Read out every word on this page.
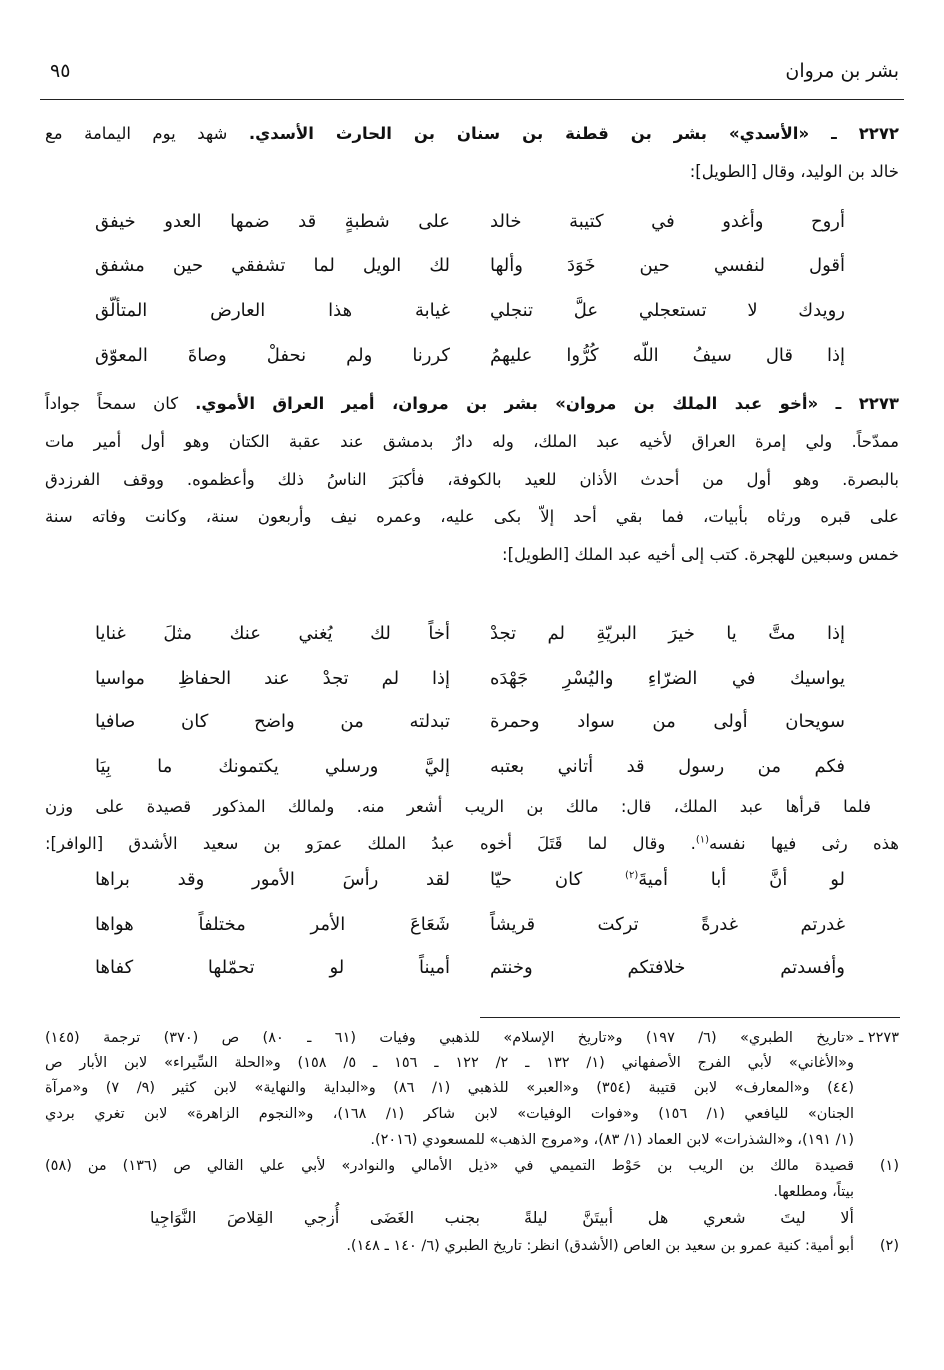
بشر بن مروان
٩٥
٢٢٧٢ ـ «الأسدي» بشر بن قطنة بن سنان بن الحارث الأسدي. شهد يوم اليمامة مع
خالد بن الوليد، وقال [الطويل]:
أروح وأغدو في كتيبة خالد
على شطبةٍ قد ضمها العدو خيفق
أقول لنفسي حين خَوَدَ وألها
لك الويل لما تشفقي حين مشفق
رويدك لا تستعجلي علَّ تنجلي
غيابة هذا العارض المتألّق
إذا قال سيفُ اللّه كُرُّوا عليهمُ
كررنا ولم نحفلْ وصاةَ المعوّق
٢٢٧٣ ـ «أخو عبد الملك بن مروان» بشر بن مروان، أمير العراق الأموي. كان سمحاً جواداً
ممدّحاً. ولي إمرة العراق لأخيه عبد الملك، وله دارٌ بدمشق عند عقبة الكتان وهو أول أمير مات
بالبصرة. وهو أول من أحدث الأذان للعيد بالكوفة، فأكبَرَ الناسُ ذلك وأعظموه. ووقف الفرزدق
على قبره ورثاه بأبيات، فما بقي أحد إلاّ بكى عليه، وعمره نيف وأربعون سنة، وكانت وفاته سنة
خمس وسبعين للهجرة. كتب إلى أخيه عبد الملك [الطويل]:
إذا متَّ يا خيرَ البريّةِ لم تجدْ
أخاً لك يُغني عنك مثلَ غنايا
يواسيك في الضرّاءِ واليُسْرِ جَهْدَه
إذا لم تجدْ عند الحفاظِ مواسيا
سويحان أولى من سواد وحمرة
تبدلته من واضح كان صافيا
فكم من رسول قد أتاني بعتبه
إليَّ ورسلي يكتمونك ما بِيَا
فلما قرأها عبد الملك، قال: مالك بن الريب أشعر منه. ولمالك المذكور قصيدة على وزن
هذه رثى فيها نفسه$^{(١)}$. وقال لما قَتَلَ أخوه عبدُ الملك عمرَو بن سعيد الأشدق [الوافر]:
لو أنَّ أبا أميةَ$^{(٢)}$ كان حيّا
لقد رأسَ الأمور وقد براها
غدرتم غدرةً تركت قريشاً
شَعَاعَ الأمر مختلفاً هواها
وأفسدتم خلافتكم وخنتم
أميناً لو تحمّلها كفاها
٢٢٧٣ ـ
«تاريخ الطبري» (٦/ ١٩٧) و«تاريخ الإسلام» للذهبي وفيات (٦١ ـ ٨٠) ص (٣٧٠) ترجمة (١٤٥)
و«الأغاني» لأبي الفرج الأصفهاني (١/ ١٣٢ ـ ٢/ ١٢٢ ـ ١٥٦ ـ ٥/ ١٥٨) و«الحلة السِّيراء» لابن الأبار ص
(٤٤) و«المعارف» لابن قتيبة (٣٥٤) و«العبر» للذهبي (١/ ٨٦) و«البداية والنهاية» لابن كثير (٩/ ٧) و«مرآة
الجنان» لليافعي (١/ ١٥٦) و«فوات الوفيات» لابن شاكر (١/ ١٦٨)، و«النجوم الزاهرة» لابن تغري بردي
(١/ ١٩١)، و«الشذرات» لابن العماد (١/ ٨٣)، و«مروج الذهب» للمسعودي (٢٠١٦).
(١)
قصيدة مالك بن الريب بن حَوْط التميمي في «ذيل الأمالي والنوادر» لأبي علي القالي ص (١٣٦) من (٥٨)
بيتاً، ومطلعها.
ألا ليتَ شعري هل أبيتَنَّ ليلةً
بجنب الغَضَى أُزجي القِلاصَ النَّوَاجِيا
(٢)
أبو أمية: كنية عمرو بن سعيد بن العاص (الأشدق) انظر: تاريخ الطبري (٦/ ١٤٠ ـ ١٤٨).
